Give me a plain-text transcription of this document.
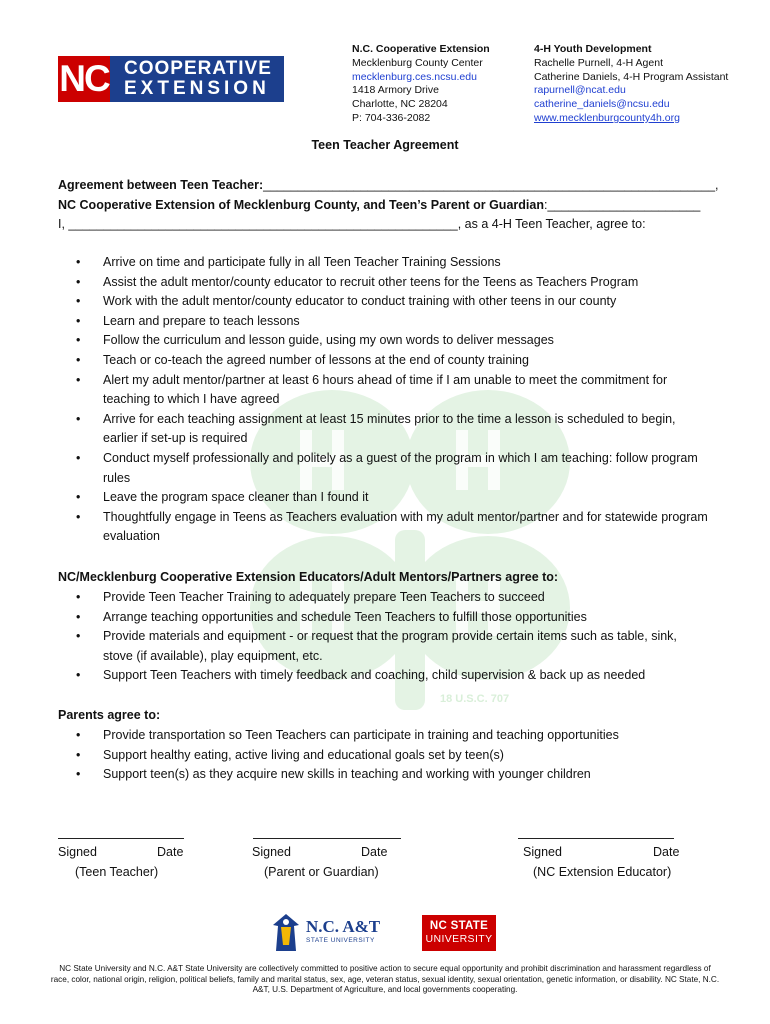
18 U.S.C. 707
NC COOPERATIVE
EXTENSION
N.C. Cooperative Extension
Mecklenburg County Center
mecklenburg.ces.ncsu.edu
1418 Armory Drive
Charlotte, NC 28204
P: 704-336-2082
4-H Youth Development
Rachelle Purnell, 4-H Agent
Catherine Daniels, 4-H Program Assistant
rapurnell@ncat.edu
catherine_daniels@ncsu.edu
www.mecklenburgcounty4h.org
Teen Teacher Agreement
Agreement between Teen Teacher:_________________________________________________________________,
NC Cooperative Extension of Mecklenburg County, and Teen’s Parent or Guardian:______________________
I, ________________________________________________________, as a 4-H Teen Teacher, agree to:
• Arrive on time and participate fully in all Teen Teacher Training Sessions
• Assist the adult mentor/county educator to recruit other teens for the Teens as Teachers Program
• Work with the adult mentor/county educator to conduct training with other teens in our county
• Learn and prepare to teach lessons
• Follow the curriculum and lesson guide, using my own words to deliver messages
• Teach or co-teach the agreed number of lessons at the end of county training
• Alert my adult mentor/partner at least 6 hours ahead of time if I am unable to meet the commitment for teaching to which I have agreed
• Arrive for each teaching assignment at least 15 minutes prior to the time a lesson is scheduled to begin, earlier if set-up is required
• Conduct myself professionally and politely as a guest of the program in which I am teaching: follow program rules
• Leave the program space cleaner than I found it
• Thoughtfully engage in Teens as Teachers evaluation with my adult mentor/partner and for statewide program evaluation
NC/Mecklenburg Cooperative Extension Educators/Adult Mentors/Partners agree to:
• Provide Teen Teacher Training to adequately prepare Teen Teachers to succeed
• Arrange teaching opportunities and schedule Teen Teachers to fulfill those opportunities
• Provide materials and equipment - or request that the program provide certain items such as table, sink, stove (if available), play equipment, etc.
• Support Teen Teachers with timely feedback and coaching, child supervision & back up as needed
Parents agree to:
• Provide transportation so Teen Teachers can participate in training and teaching opportunities
• Support healthy eating, active living and educational goals set by teen(s)
• Support teen(s) as they acquire new skills in teaching and working with younger children
Signed	Date	Signed	Date	Signed	Date
(Teen Teacher)	(Parent or Guardian)	(NC Extension Educator)
N.C. A&T
STATE UNIVERSITY
NC STATE
UNIVERSITY
NC State University and N.C. A&T State University are collectively committed to positive action to secure equal opportunity and prohibit discrimination and harassment regardless of race, color, national origin, religion, political beliefs, family and marital status, sex, age, veteran status, sexual identity, sexual orientation, genetic information, or disability. NC State, N.C. A&T, U.S. Department of Agriculture, and local governments cooperating.
